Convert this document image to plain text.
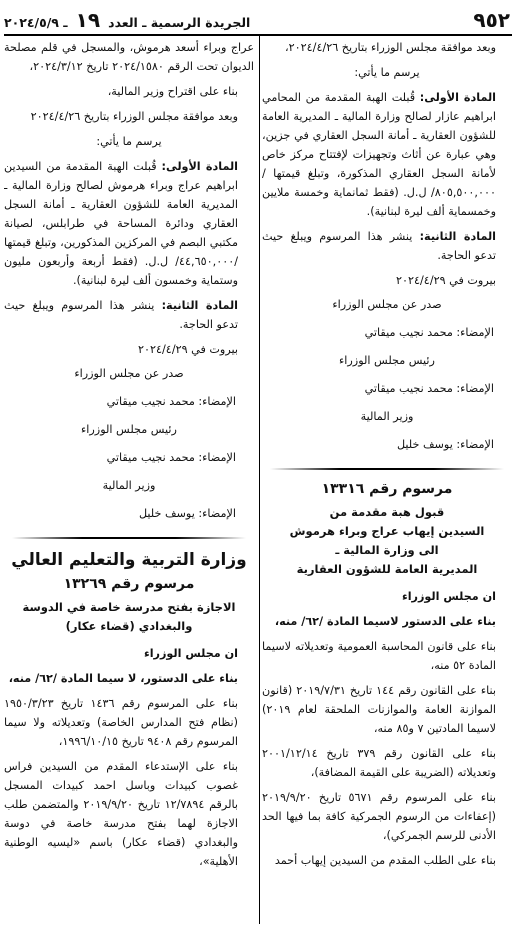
٩٥٢
الجريدة الرسمية ـ العدد ١٩ ـ ٢٠٢٤/٥/٩

وبعد موافقة مجلس الوزراء بتاريخ ٢٠٢٤/٤/٢٦،

يرسم ما يأتي:

المادة الأولى: قُبلت الهبة المقدمة من المحامي ابراهيم عازار لصالح وزارة المالية ـ المديرية العامة للشؤون العقارية ـ أمانة السجل العقاري في جزين، وهي عبارة عن أثاث وتجهيزات لإفتتاح مركز خاص لأمانة السجل العقاري المذكورة، وتبلغ قيمتها /٨٠٥,٥٠٠,٠٠٠/ ل.ل. (فقط ثمانماية وخمسة ملايين وخمسماية ألف ليرة لبنانية).

المادة الثانية: ينشر هذا المرسوم ويبلغ حيث تدعو الحاجة.

بيروت في ٢٠٢٤/٤/٢٩

صدر عن مجلس الوزراء

الإمضاء: محمد نجيب ميقاتي

رئيس مجلس الوزراء

الإمضاء: محمد نجيب ميقاتي

وزير المالية

الإمضاء: يوسف خليل

مرسوم رقم ١٣٣١٦

قبول هبة مقدمة من

السيدين إيهاب عراج وبراء هرموش

الى وزارة المالية ـ

المديرية العامة للشؤون العقارية

ان مجلس الوزراء

بناء على الدستور لاسيما المادة /٦٢/ منه،

بناء على قانون المحاسبة العمومية وتعديلاته لاسيما المادة ٥٢ منه،

بناء على القانون رقم ١٤٤ تاريخ ٢٠١٩/٧/٣١ (قانون الموازنة العامة والموازنات الملحقة لعام ٢٠١٩) لاسيما المادتين ٧ و٨٥ منه،

بناء على القانون رقم ٣٧٩ تاريخ ٢٠٠١/١٢/١٤ وتعديلاته (الضريبة على القيمة المضافة)،

بناء على المرسوم رقم ٥٦٧١ تاريخ ٢٠١٩/٩/٢٠ (إعفاءات من الرسوم الجمركية كافة بما فيها الحد الأدنى للرسم الجمركي)،

بناء على الطلب المقدم من السيدين إيهاب أحمد

عراج وبراء أسعد هرموش، والمسجل في قلم مصلحة الديوان تحت الرقم ٢٠٢٤/١٥٨٠ تاريخ ٢٠٢٤/٣/١٢،

بناء على اقتراح وزير المالية،

وبعد موافقة مجلس الوزراء بتاريخ ٢٠٢٤/٤/٢٦

يرسم ما يأتي:

المادة الأولى: قُبلت الهبة المقدمة من السيدين ابراهيم عراج وبراء هرموش لصالح وزارة المالية ـ المديرية العامة للشؤون العقارية ـ أمانة السجل العقاري ودائرة المساحة في طرابلس، لصيانة مكتبي البصم في المركزين المذكورين، وتبلغ قيمتها /٤٤,٦٥٠,٠٠٠/ ل.ل. (فقط أربعة وأربعون مليون وستماية وخمسون ألف ليرة لبنانية).

المادة الثانية: ينشر هذا المرسوم ويبلغ حيث تدعو الحاجة.

بيروت في ٢٠٢٤/٤/٢٩

صدر عن مجلس الوزراء

الإمضاء: محمد نجيب ميقاتي

رئيس مجلس الوزراء

الإمضاء: محمد نجيب ميقاتي

وزير المالية

الإمضاء: يوسف خليل

وزارة التربية والتعليم العالي

مرسوم رقم ١٣٢٦٩

الاجازة بفتح مدرسة خاصة في الدوسة

والبغدادي (قضاء عكار)

ان مجلس الوزراء

بناء على الدستور، لا سيما المادة /٦٢/ منه،

بناء على المرسوم رقم ١٤٣٦ تاريخ ١٩٥٠/٣/٢٣ (نظام فتح المدارس الخاصة) وتعديلاته ولا سيما المرسوم رقم ٩٤٠٨ تاريخ ١٩٩٦/١٠/١٥،

بناء على الإستدعاء المقدم من السيدين فراس غصوب كبيدات وباسل احمد كبيدات المسجل بالرقم ١٢/٧٨٩٤ تاريخ ٢٠١٩/٩/٢٠ والمتضمن طلب الاجازة لهما بفتح مدرسة خاصة في دوسة والبغدادي (قضاء عكار) باسم «ليسيه الوطنية الأهلية»،
